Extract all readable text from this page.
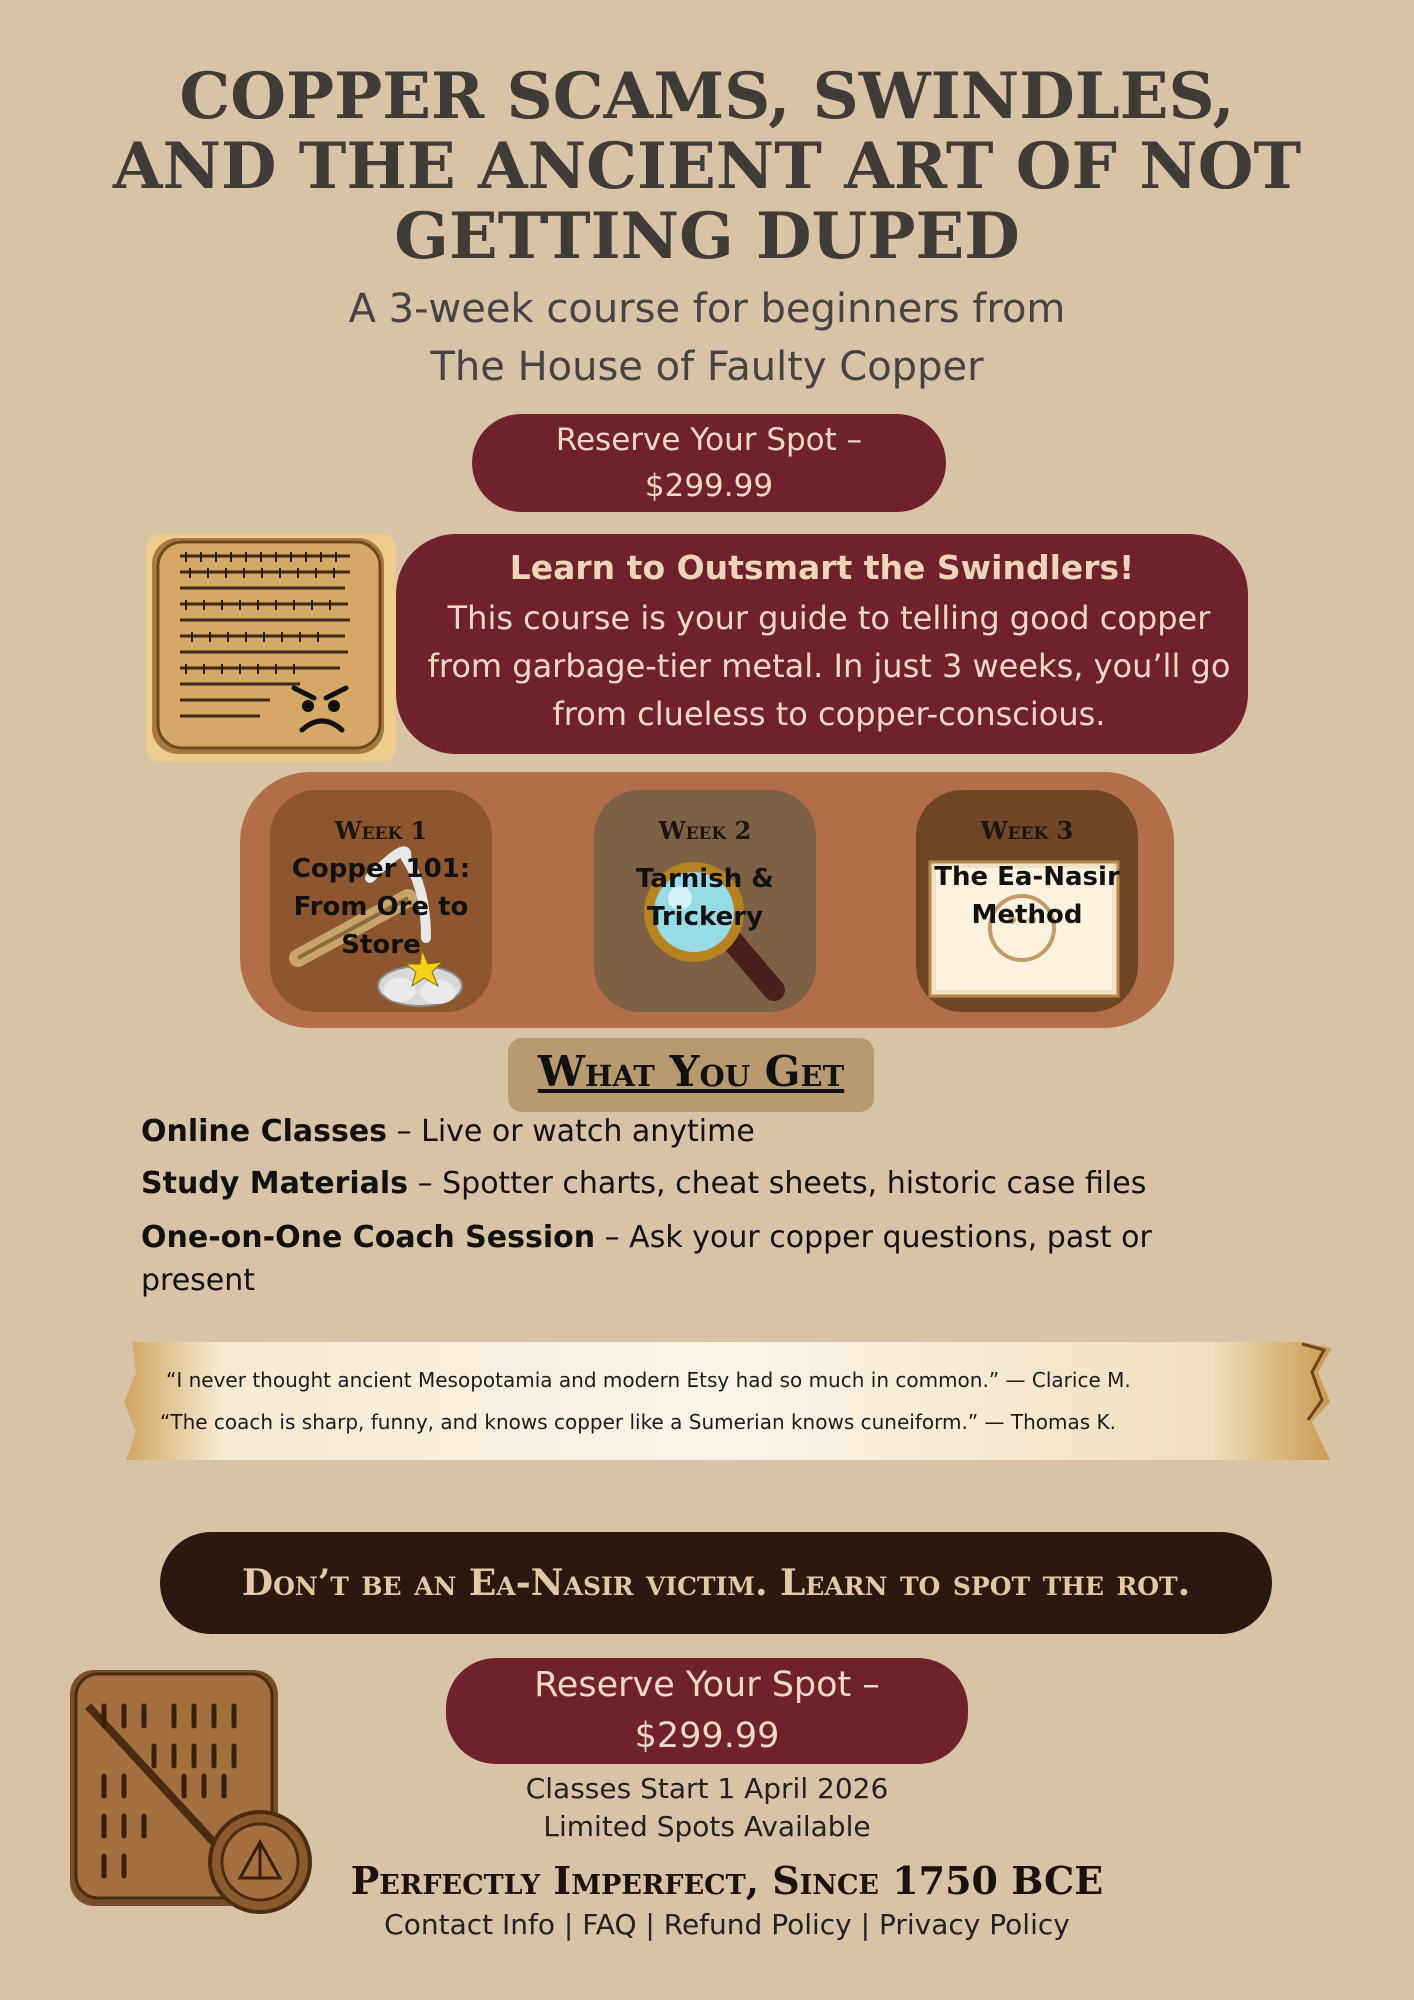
COPPER SCAMS, SWINDLES, AND THE ANCIENT ART OF NOT GETTING DUPED
A 3-week course for beginners from
The House of Faulty Copper
Reserve Your Spot –
$299.99
Learn to Outsmart the Swindlers!
This course is your guide to telling good copper
from garbage-tier metal. In just 3 weeks, you’ll go
from clueless to copper-conscious.
Week 1
Copper 101: From Ore to Store
Week 2
Tarnish & Trickery
Week 3
The Ea-Nasir Method
What You Get
Online Classes – Live or watch anytime
Study Materials – Spotter charts, cheat sheets, historic case files
One-on-One Coach Session – Ask your copper questions, past or present
“I never thought ancient Mesopotamia and modern Etsy had so much in common.” — Clarice M.
“The coach is sharp, funny, and knows copper like a Sumerian knows cuneiform.” — Thomas K.
Don’t be an Ea-Nasir victim. Learn to spot the rot.
Reserve Your Spot –
$299.99
Classes Start 1 April 2026
Limited Spots Available
Perfectly Imperfect, Since 1750 BCE
Contact Info | FAQ | Refund Policy | Privacy Policy
